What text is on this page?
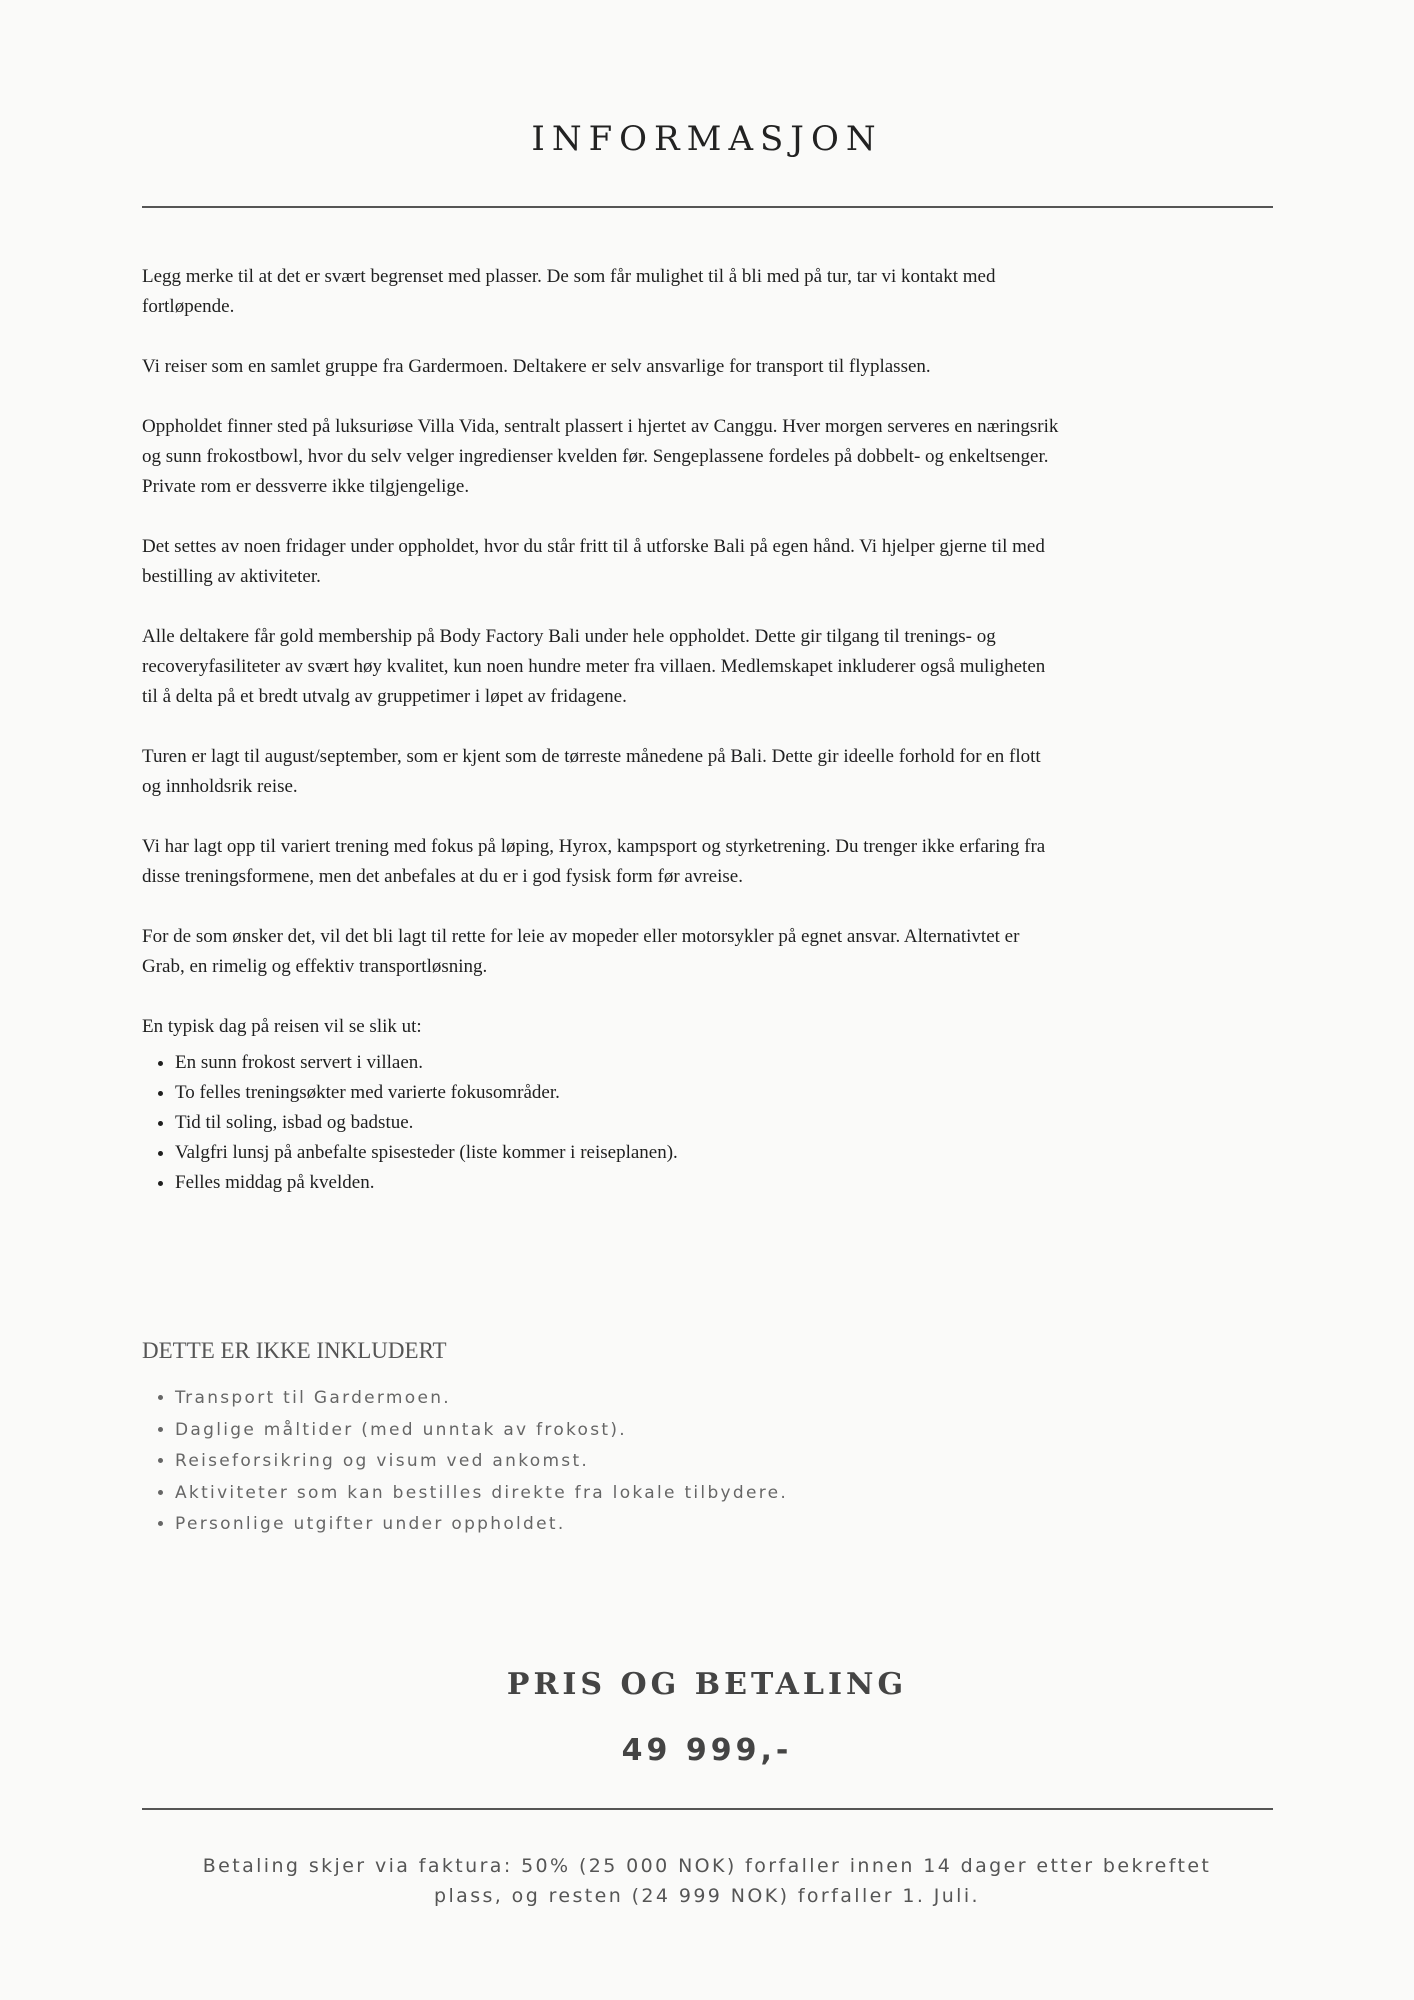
INFORMASJON

Legg merke til at det er svært begrenset med plasser. De som får mulighet til å bli med på tur, tar vi kontakt med fortløpende.

Vi reiser som en samlet gruppe fra Gardermoen. Deltakere er selv ansvarlige for transport til flyplassen.

Oppholdet finner sted på luksuriøse Villa Vida, sentralt plassert i hjertet av Canggu. Hver morgen serveres en næringsrik og sunn frokostbowl, hvor du selv velger ingredienser kvelden før. Sengeplassene fordeles på dobbelt- og enkeltsenger. Private rom er dessverre ikke tilgjengelige.

Det settes av noen fridager under oppholdet, hvor du står fritt til å utforske Bali på egen hånd. Vi hjelper gjerne til med bestilling av aktiviteter.

Alle deltakere får gold membership på Body Factory Bali under hele oppholdet. Dette gir tilgang til trenings- og recoveryfasiliteter av svært høy kvalitet, kun noen hundre meter fra villaen. Medlemskapet inkluderer også muligheten til å delta på et bredt utvalg av gruppetimer i løpet av fridagene.

Turen er lagt til august/september, som er kjent som de tørreste månedene på Bali. Dette gir ideelle forhold for en flott og innholdsrik reise.

Vi har lagt opp til variert trening med fokus på løping, Hyrox, kampsport og styrketrening. Du trenger ikke erfaring fra disse treningsformene, men det anbefales at du er i god fysisk form før avreise.

For de som ønsker det, vil det bli lagt til rette for leie av mopeder eller motorsykler på egnet ansvar. Alternativtet er Grab, en rimelig og effektiv transportløsning.

En typisk dag på reisen vil se slik ut:

• En sunn frokost servert i villaen.
• To felles treningsøkter med varierte fokusområder.
• Tid til soling, isbad og badstue.
• Valgfri lunsj på anbefalte spisesteder (liste kommer i reiseplanen).
• Felles middag på kvelden.
DETTE ER IKKE INKLUDERT
• Transport til Gardermoen.
• Daglige måltider (med unntak av frokost).
• Reiseforsikring og visum ved ankomst.
• Aktiviteter som kan bestilles direkte fra lokale tilbydere.
• Personlige utgifter under oppholdet.
PRIS OG BETALING
49 999,-

Betaling skjer via faktura: 50% (25 000 NOK) forfaller innen 14 dager etter bekreftet plass, og resten (24 999 NOK) forfaller 1. Juli.
